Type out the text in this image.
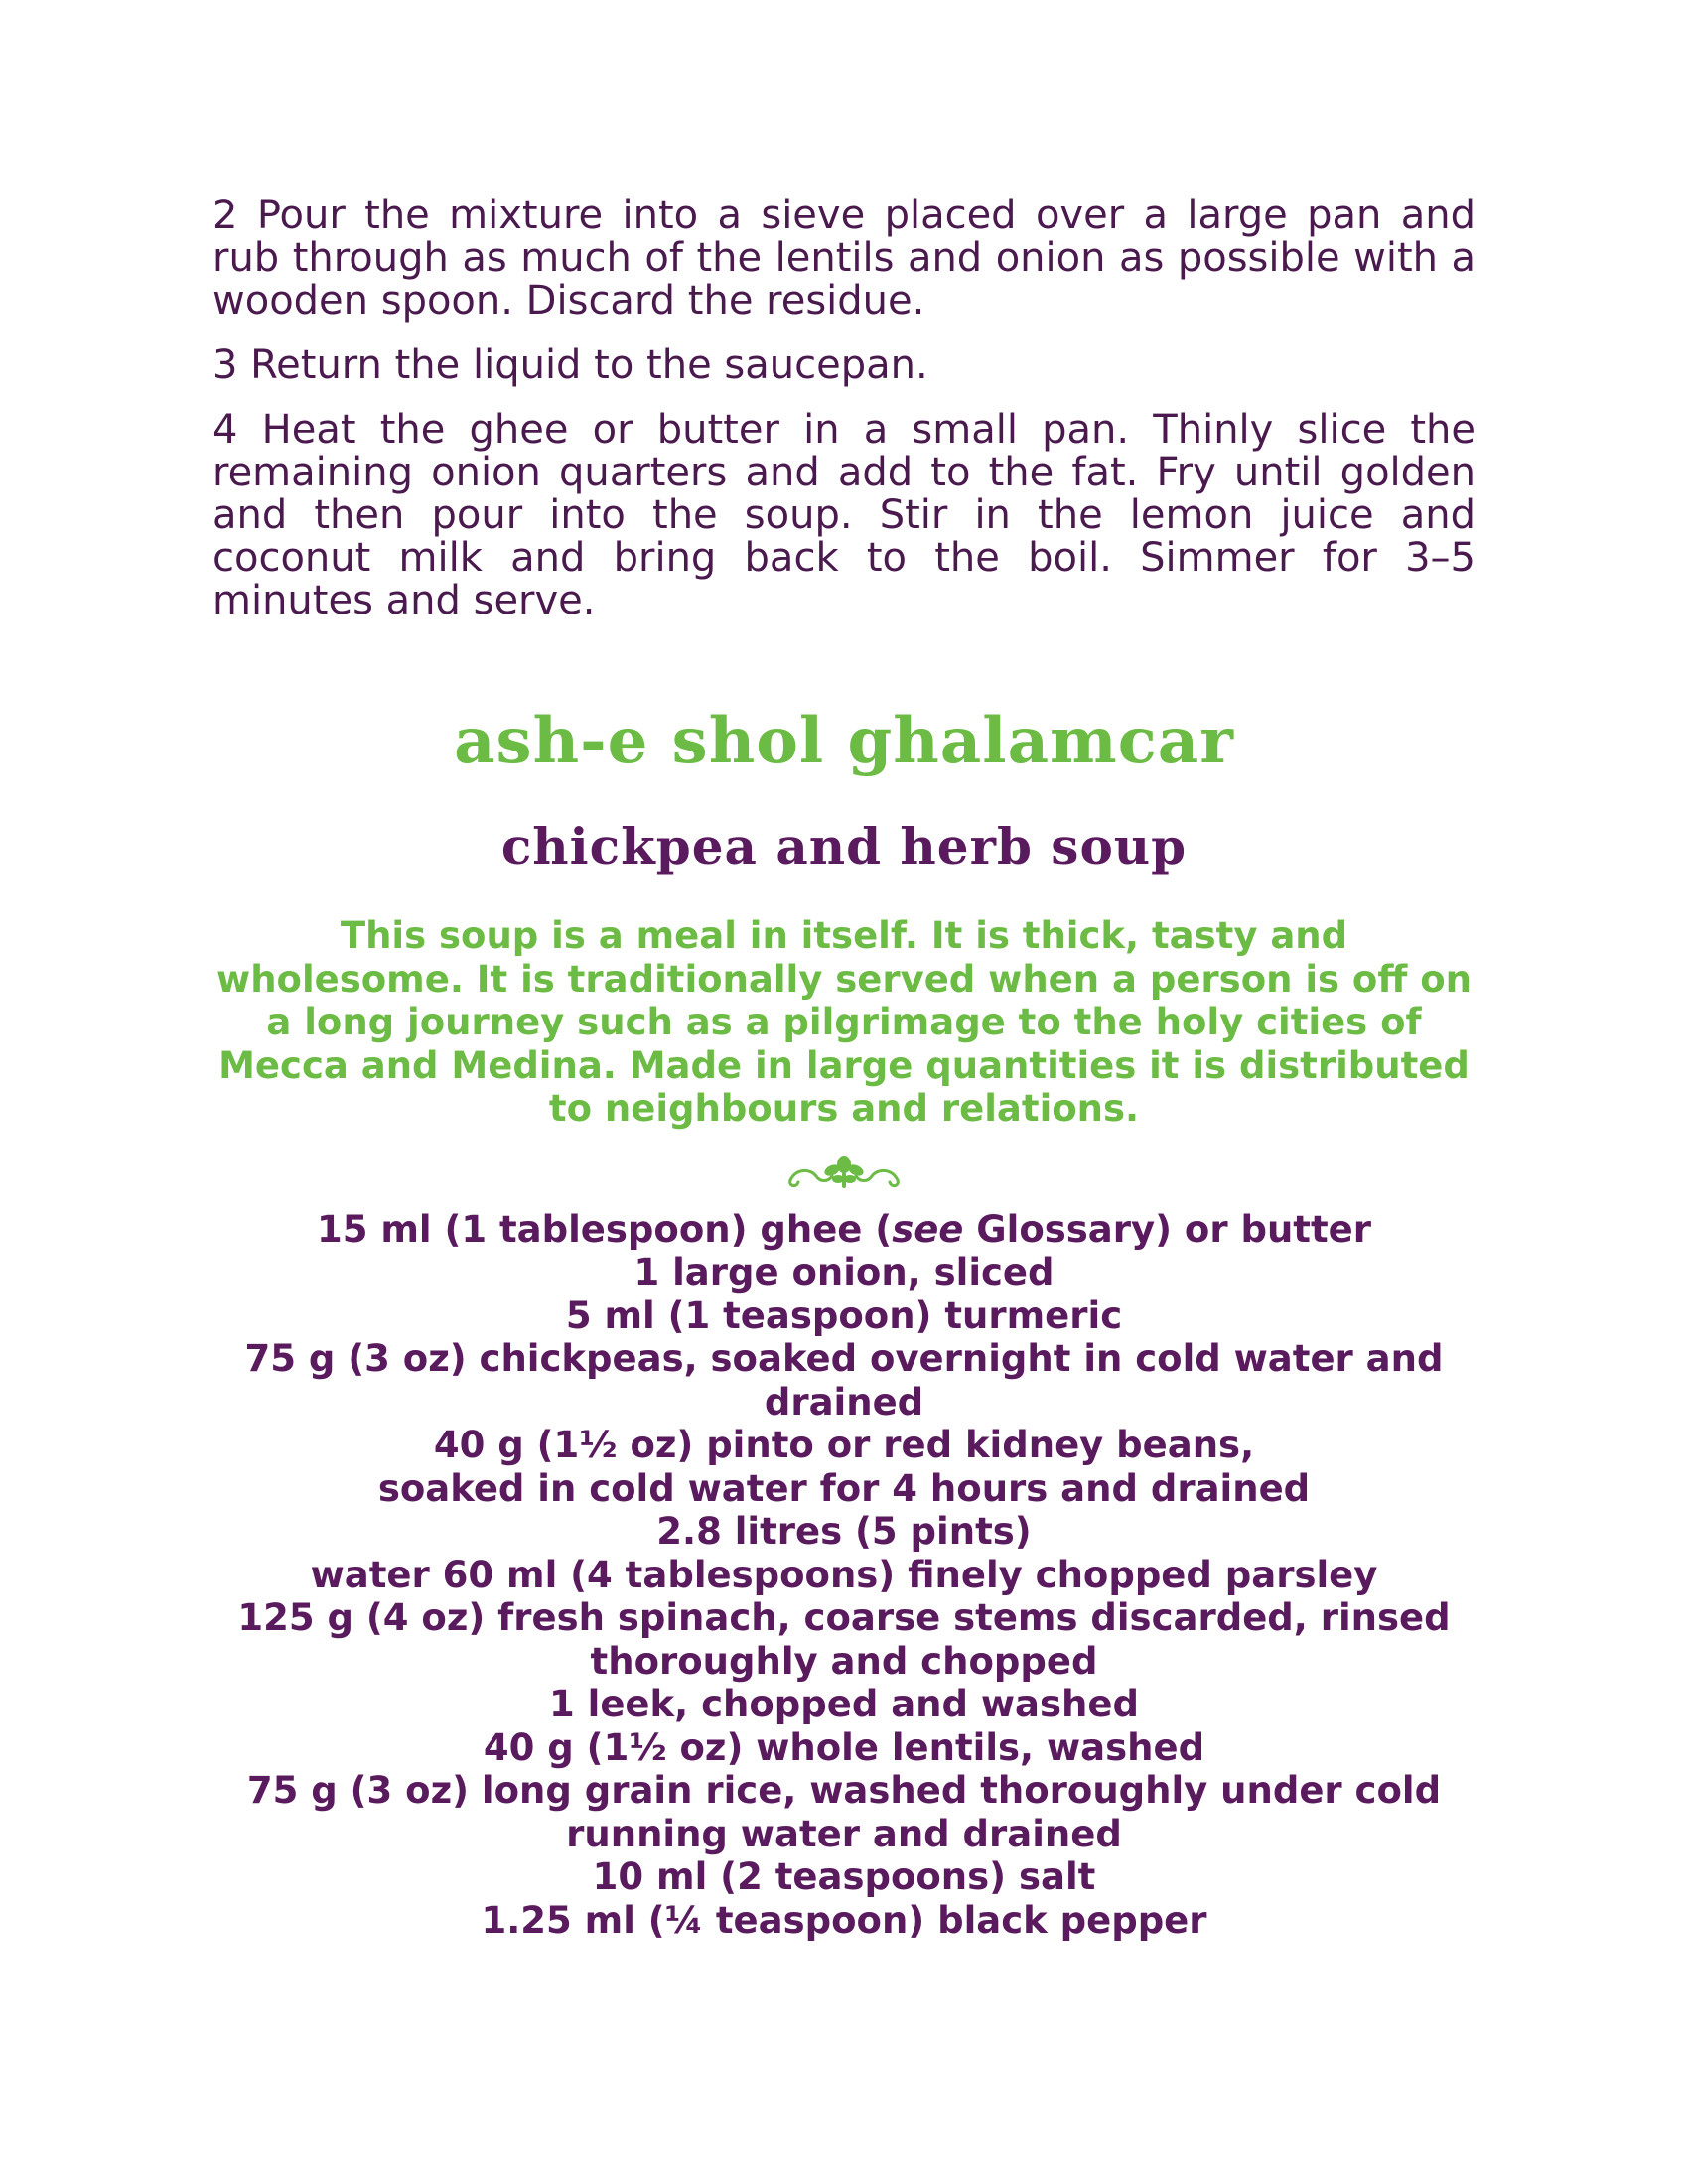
2 Pour the mixture into a sieve placed over a large pan and rub through as much of the lentils and onion as possible with a wooden spoon. Discard the residue.

3 Return the liquid to the saucepan.

4 Heat the ghee or butter in a small pan. Thinly slice the remaining onion quarters and add to the fat. Fry until golden and then pour into the soup. Stir in the lemon juice and coconut milk and bring back to the boil. Simmer for 3–5 minutes and serve.

ash-e shol ghalamcar
chickpea and herb soup

This soup is a meal in itself. It is thick, tasty and wholesome. It is traditionally served when a person is off on a long journey such as a pilgrimage to the holy cities of Mecca and Medina. Made in large quantities it is distributed to neighbours and relations.

15 ml (1 tablespoon) ghee (see Glossary) or butter
1 large onion, sliced
5 ml (1 teaspoon) turmeric
75 g (3 oz) chickpeas, soaked overnight in cold water and drained
40 g (1½ oz) pinto or red kidney beans,
soaked in cold water for 4 hours and drained
2.8 litres (5 pints)
water 60 ml (4 tablespoons) finely chopped parsley
125 g (4 oz) fresh spinach, coarse stems discarded, rinsed thoroughly and chopped
1 leek, chopped and washed
40 g (1½ oz) whole lentils, washed
75 g (3 oz) long grain rice, washed thoroughly under cold running water and drained
10 ml (2 teaspoons) salt
1.25 ml (¼ teaspoon) black pepper
